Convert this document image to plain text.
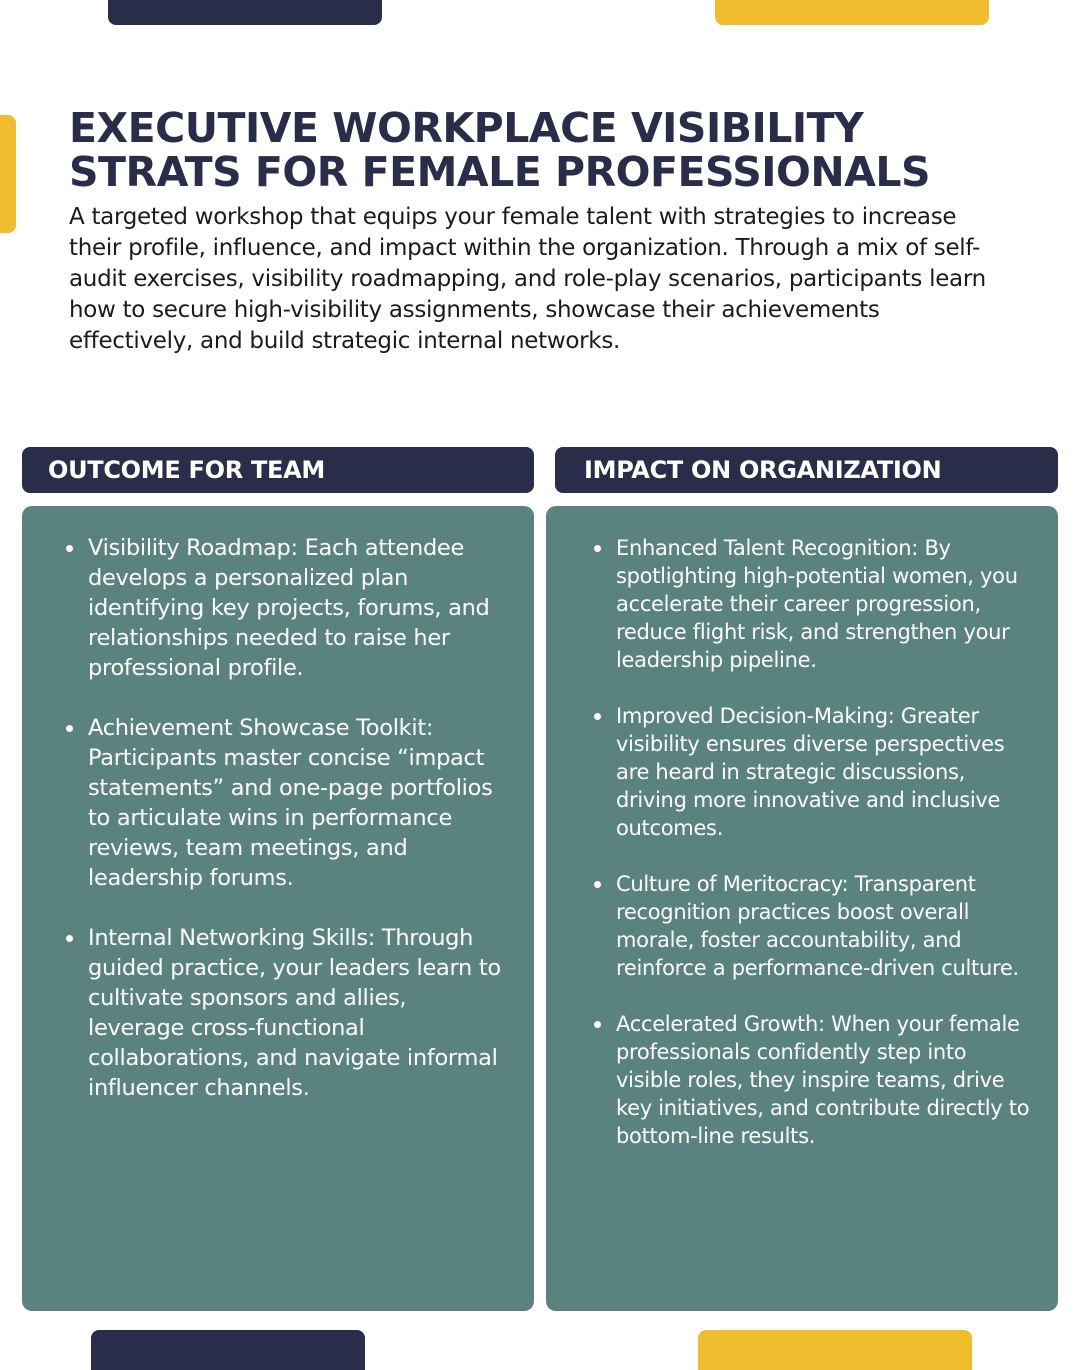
EXECUTIVE WORKPLACE VISIBILITY
STRATS FOR FEMALE PROFESSIONALS

A targeted workshop that equips your female talent with strategies to increase their profile, influence, and impact within the organization. Through a mix of self-audit exercises, visibility roadmapping, and role-play scenarios, participants learn how to secure high-visibility assignments, showcase their achievements effectively, and build strategic internal networks.

OUTCOME FOR TEAM	IMPACT ON ORGANIZATION
Visibility Roadmap: Each attendee develops a personalized plan identifying key projects, forums, and relationships needed to raise her professional profile.
Achievement Showcase Toolkit: Participants master concise “impact statements” and one-page portfolios to articulate wins in performance reviews, team meetings, and leadership forums.
Internal Networking Skills: Through guided practice, your leaders learn to cultivate sponsors and allies, leverage cross-functional collaborations, and navigate informal influencer channels.
Enhanced Talent Recognition: By spotlighting high-potential women, you accelerate their career progression, reduce flight risk, and strengthen your leadership pipeline.
Improved Decision-Making: Greater visibility ensures diverse perspectives are heard in strategic discussions, driving more innovative and inclusive outcomes.
Culture of Meritocracy: Transparent recognition practices boost overall morale, foster accountability, and reinforce a performance-driven culture.
Accelerated Growth: When your female professionals confidently step into visible roles, they inspire teams, drive key initiatives, and contribute directly to bottom-line results.
